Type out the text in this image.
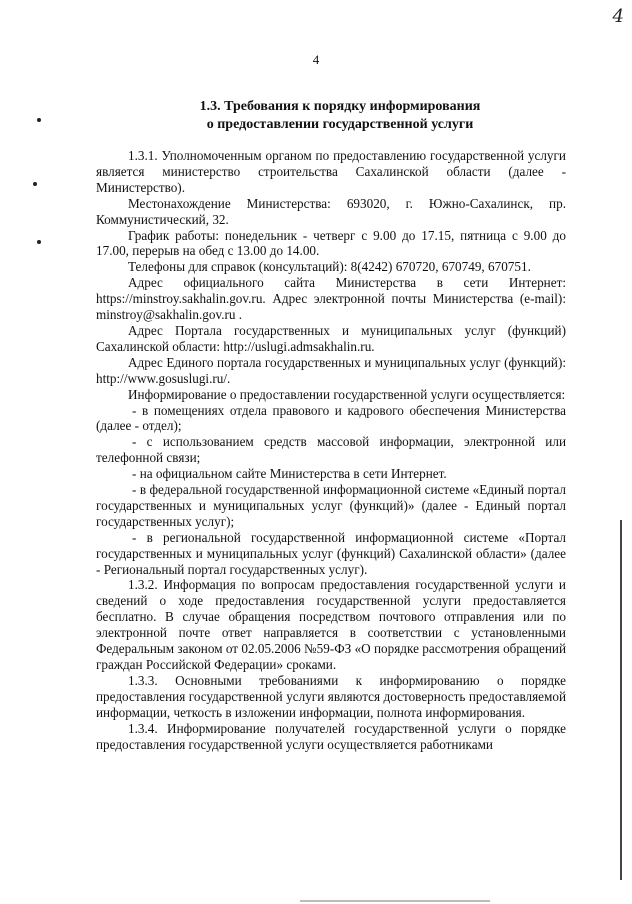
4
4
1.3. Требования к порядку информирования
о предоставлении государственной услуги

1.3.1. Уполномоченным органом по предоставлению государственной услуги является министерство строительства Сахалинской области (далее - Министерство).

Местонахождение Министерства: 693020, г. Южно-Сахалинск, пр. Коммунистический, 32.

График работы: понедельник - четверг с 9.00 до 17.15, пятница с 9.00 до 17.00, перерыв на обед с 13.00 до 14.00.

Телефоны для справок (консультаций): 8(4242) 670720, 670749, 670751.

Адрес официального сайта Министерства в сети Интернет: https://minstroy.sakhalin.gov.ru. Адрес электронной почты Министерства (e-mail): minstroy@sakhalin.gov.ru .

Адрес Портала государственных и муниципальных услуг (функций) Сахалинской области: http://uslugi.admsakhalin.ru.

Адрес Единого портала государственных и муниципальных услуг (функций): http://www.gosuslugi.ru/.

Информирование о предоставлении государственной услуги осуществляется:

- в помещениях отдела правового и кадрового обеспечения Министерства (далее - отдел);

- с использованием средств массовой информации, электронной или телефонной связи;

- на официальном сайте Министерства в сети Интернет.

- в федеральной государственной информационной системе «Единый портал государственных и муниципальных услуг (функций)» (далее - Единый портал государственных услуг);

- в региональной государственной информационной системе «Портал государственных и муниципальных услуг (функций) Сахалинской области» (далее - Региональный портал государственных услуг).

1.3.2. Информация по вопросам предоставления государственной услуги и сведений о ходе предоставления государственной услуги предоставляется бесплатно. В случае обращения посредством почтового отправления или по электронной почте ответ направляется в соответствии с установленными Федеральным законом от 02.05.2006 №59-ФЗ «О порядке рассмотрения обращений граждан Российской Федерации» сроками.

1.3.3. Основными требованиями к информированию о порядке предоставления государственной услуги являются достоверность предоставляемой информации, четкость в изложении информации, полнота информирования.

1.3.4. Информирование получателей государственной услуги о порядке предоставления государственной услуги осуществляется работниками
